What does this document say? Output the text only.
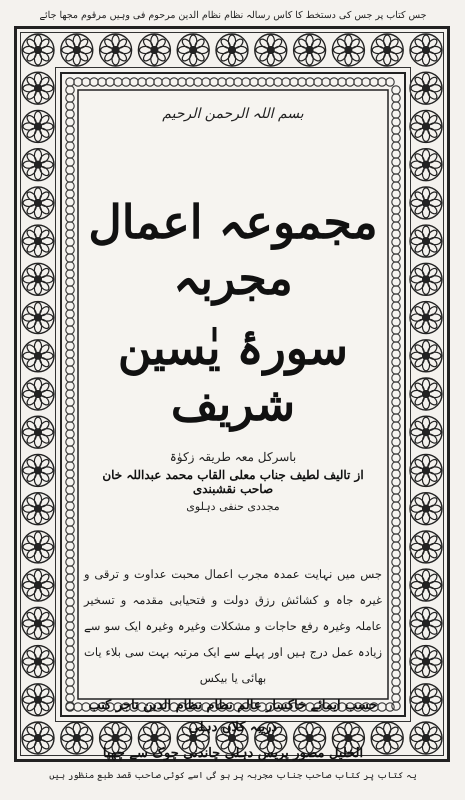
جس کتاب پر جس کی دستخط کا کاس رسالہ نظام نظام الدین مرحوم فی وہیں مرقوم مجھا جائے
بسم اللہ الرحمن الرحیم
مجموعہ اعمال مجربہ
سورۂ یٰسین شریف
باسرکل معہ طریقہ زکوٰۃ
از تالیف لطیف جناب معلی القاب محمد عبداللہ خان صاحب نقشبندی
مجددی حنفی دہلوی
جس میں نہایت عمدہ مجرب اعمال محبت عداوت و ترقی و غیرہ جاہ و کشائش رزق دولت و فتحیابی مقدمہ و تسخیر عاملہ وغیرہ رفع حاجات و مشکلات وغیرہ وغیرہ ایک سو سے زیادہ عمل درج ہیں اور پہلے سے ایک مرتبہ بہت سی بلاء یات بھائی یا بیکس
حسب ایمائے خاکسار عالم نظام نظام الدین تاجر کتب دریبہ کلاں دہلی
الخلیل مصور پریس دہلی چاندنی چوک سے چھپا
یہ کتاب پر کتاب صاحب جناب مجربہ پر ہو گی اسے کوئی صاحب قصد طبع منظور ہیں
